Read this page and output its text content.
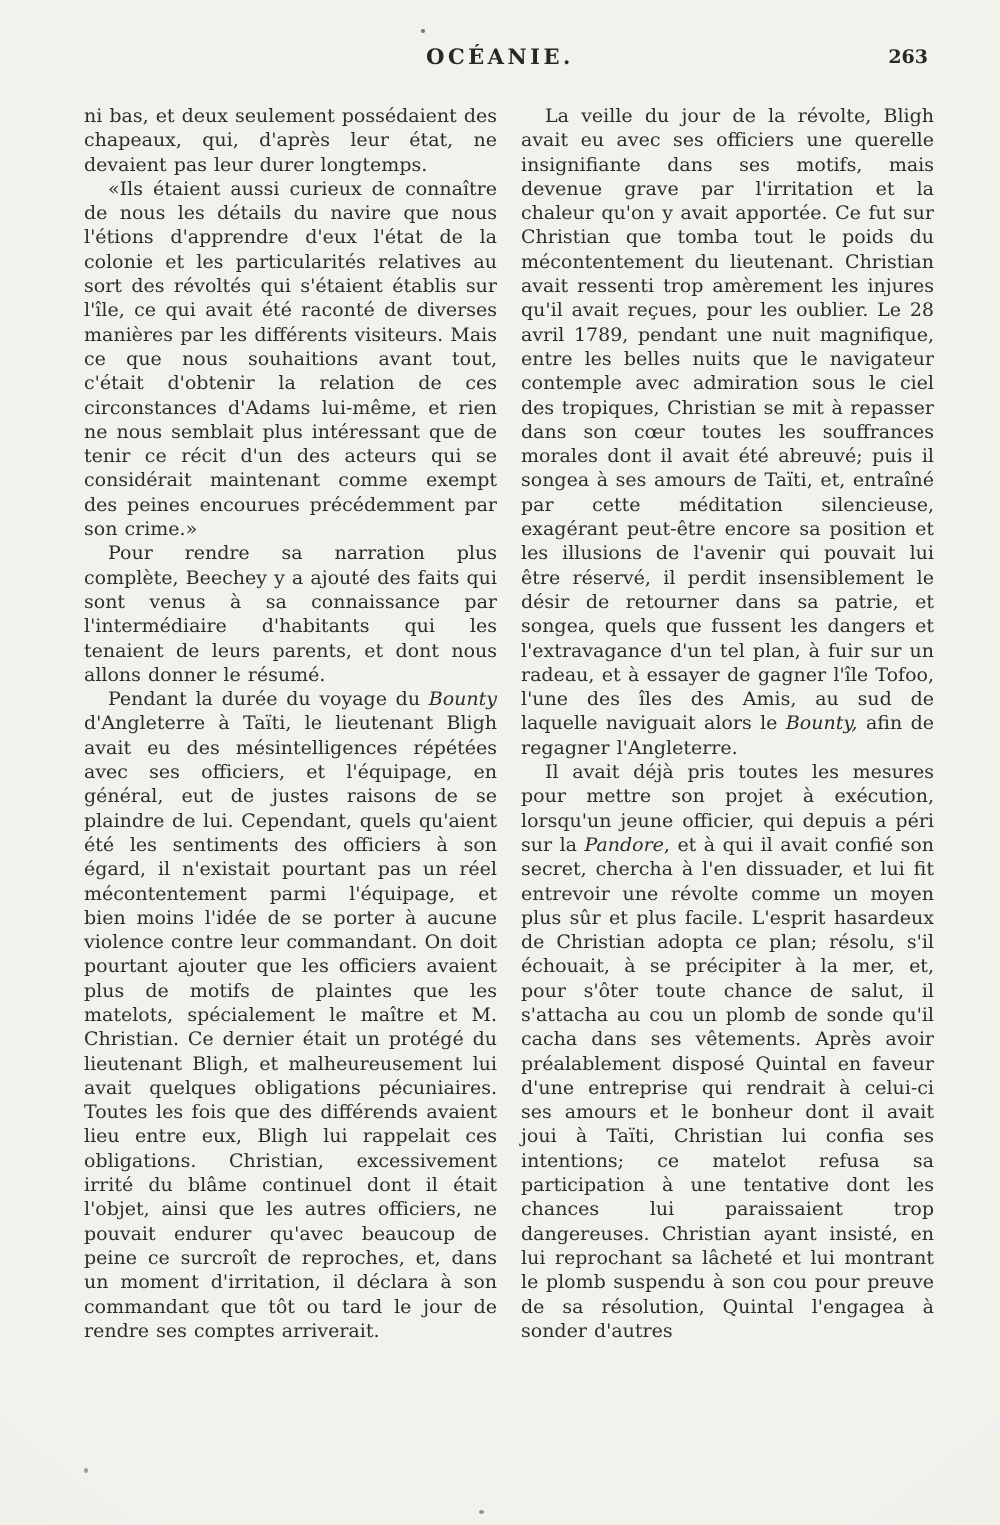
OCÉANIE.	263

ni bas, et deux seulement possédaient des chapeaux, qui, d'après leur état, ne devaient pas leur durer longtemps.

«Ils étaient aussi curieux de connaître de nous les détails du navire que nous l'étions d'apprendre d'eux l'état de la colonie et les particularités relatives au sort des révoltés qui s'étaient établis sur l'île, ce qui avait été raconté de diverses manières par les différents visiteurs. Mais ce que nous souhaitions avant tout, c'était d'obtenir la relation de ces circonstances d'Adams lui-même, et rien ne nous semblait plus intéressant que de tenir ce récit d'un des acteurs qui se considérait maintenant comme exempt des peines encourues précédemment par son crime.»

Pour rendre sa narration plus complète, Beechey y a ajouté des faits qui sont venus à sa connaissance par l'intermédiaire d'habitants qui les tenaient de leurs parents, et dont nous allons donner le résumé.

Pendant la durée du voyage du Bounty d'Angleterre à Taïti, le lieutenant Bligh avait eu des mésintelligences répétées avec ses officiers, et l'équipage, en général, eut de justes raisons de se plaindre de lui. Cependant, quels qu'aient été les sentiments des officiers à son égard, il n'existait pourtant pas un réel mécontentement parmi l'équipage, et bien moins l'idée de se porter à aucune violence contre leur commandant. On doit pourtant ajouter que les officiers avaient plus de motifs de plaintes que les matelots, spécialement le maître et M. Christian. Ce dernier était un protégé du lieutenant Bligh, et malheureusement lui avait quelques obligations pécuniaires. Toutes les fois que des différends avaient lieu entre eux, Bligh lui rappelait ces obligations. Christian, excessivement irrité du blâme continuel dont il était l'objet, ainsi que les autres officiers, ne pouvait endurer qu'avec beaucoup de peine ce surcroît de reproches, et, dans un moment d'irritation, il déclara à son commandant que tôt ou tard le jour de rendre ses comptes arriverait.

La veille du jour de la révolte, Bligh avait eu avec ses officiers une querelle insignifiante dans ses motifs, mais devenue grave par l'irritation et la chaleur qu'on y avait apportée. Ce fut sur Christian que tomba tout le poids du mécontentement du lieutenant. Christian avait ressenti trop amèrement les injures qu'il avait reçues, pour les oublier. Le 28 avril 1789, pendant une nuit magnifique, entre les belles nuits que le navigateur contemple avec admiration sous le ciel des tropiques, Christian se mit à repasser dans son cœur toutes les souffrances morales dont il avait été abreuvé; puis il songea à ses amours de Taïti, et, entraîné par cette méditation silencieuse, exagérant peut-être encore sa position et les illusions de l'avenir qui pouvait lui être réservé, il perdit insensiblement le désir de retourner dans sa patrie, et songea, quels que fussent les dangers et l'extravagance d'un tel plan, à fuir sur un radeau, et à essayer de gagner l'île Tofoo, l'une des îles des Amis, au sud de laquelle naviguait alors le Bounty, afin de regagner l'Angleterre.

Il avait déjà pris toutes les mesures pour mettre son projet à exécution, lorsqu'un jeune officier, qui depuis a péri sur la Pandore, et à qui il avait confié son secret, chercha à l'en dissuader, et lui fit entrevoir une révolte comme un moyen plus sûr et plus facile. L'esprit hasardeux de Christian adopta ce plan; résolu, s'il échouait, à se précipiter à la mer, et, pour s'ôter toute chance de salut, il s'attacha au cou un plomb de sonde qu'il cacha dans ses vêtements. Après avoir préalablement disposé Quintal en faveur d'une entreprise qui rendrait à celui-ci ses amours et le bonheur dont il avait joui à Taïti, Christian lui confia ses intentions; ce matelot refusa sa participation à une tentative dont les chances lui paraissaient trop dangereuses. Christian ayant insisté, en lui reprochant sa lâcheté et lui montrant le plomb suspendu à son cou pour preuve de sa résolution, Quintal l'engagea à sonder d'autres
